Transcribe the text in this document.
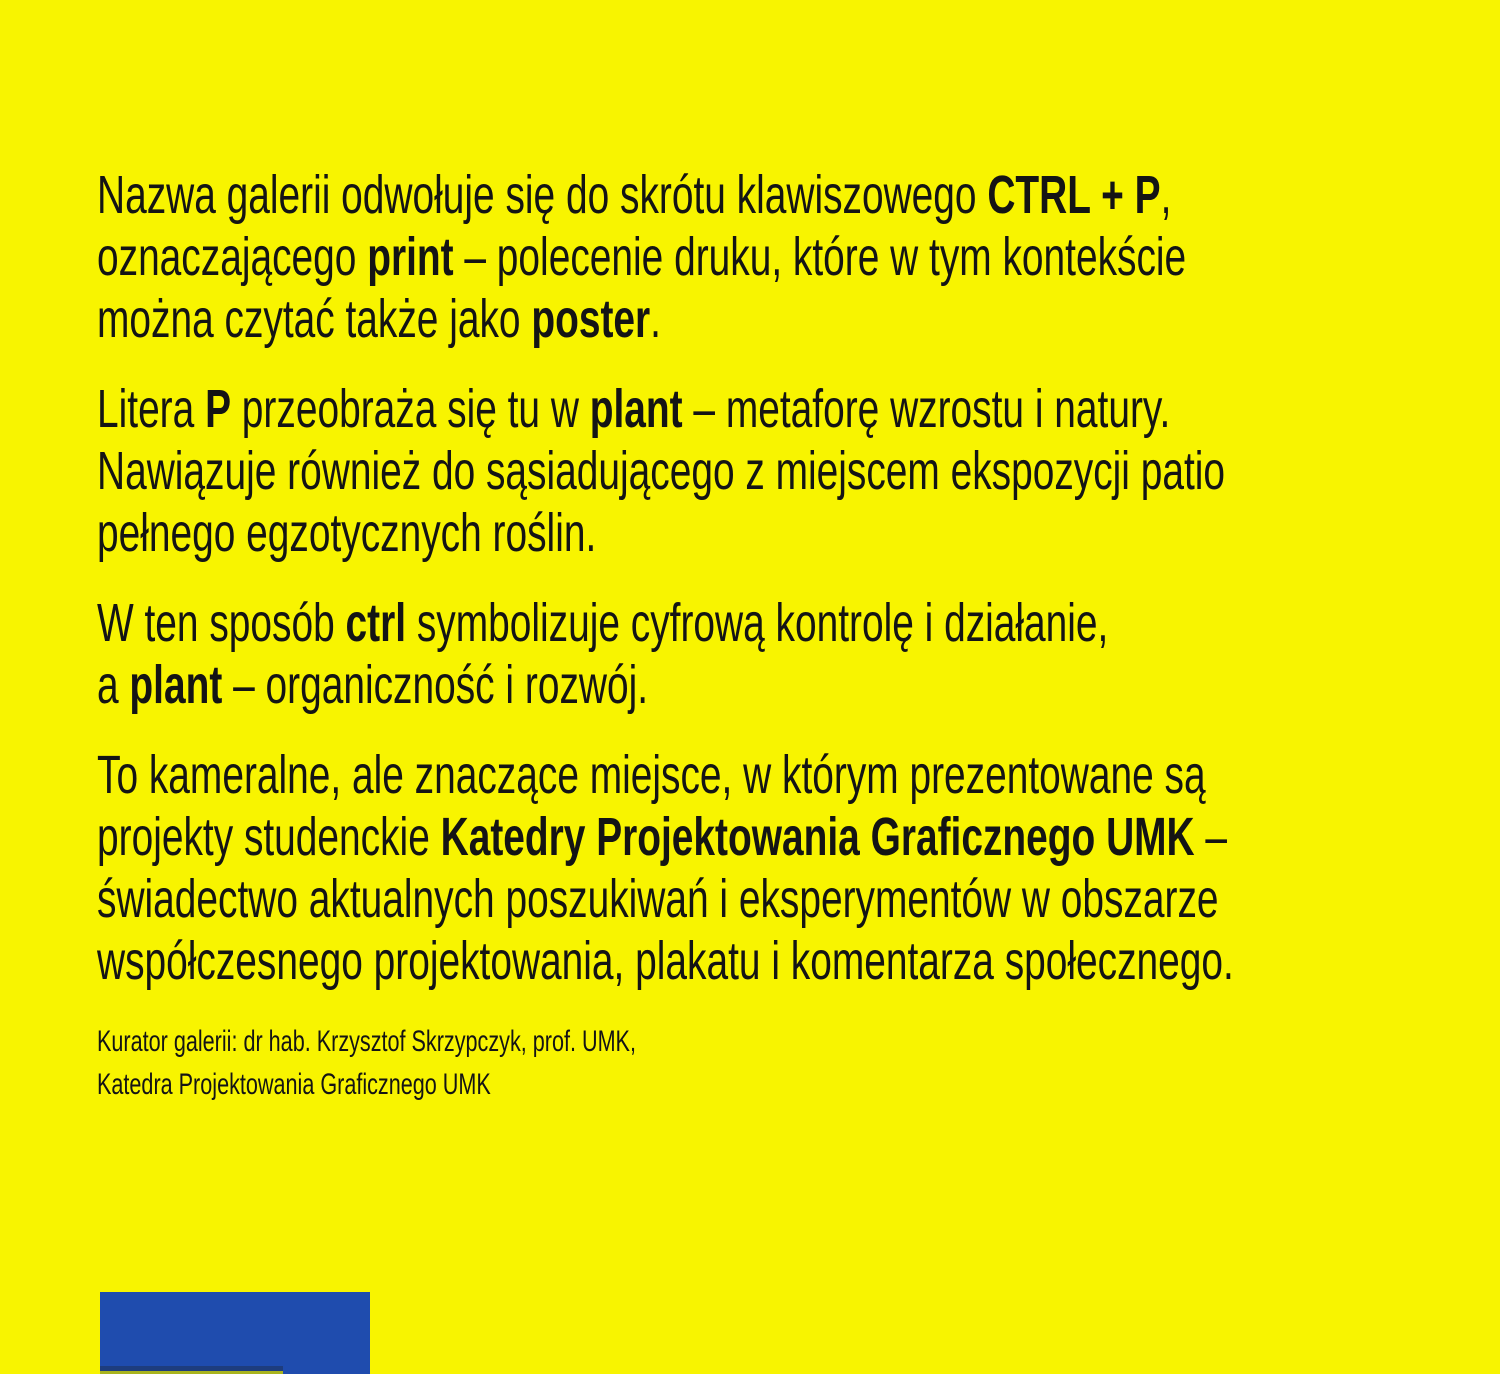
Nazwa galerii odwołuje się do skrótu klawiszowego CTRL + P,
oznaczającego print – polecenie druku, które w tym kontekście
można czytać także jako poster.
Litera P przeobraża się tu w plant – metaforę wzrostu i natury.
Nawiązuje również do sąsiadującego z miejscem ekspozycji patio
pełnego egzotycznych roślin.
W ten sposób ctrl symbolizuje cyfrową kontrolę i działanie,
a plant – organiczność i rozwój.
To kameralne, ale znaczące miejsce, w którym prezentowane są
projekty studenckie Katedry Projektowania Graficznego UMK –
świadectwo aktualnych poszukiwań i eksperymentów w obszarze
współczesnego projektowania, plakatu i komentarza społecznego.
Kurator galerii: dr hab. Krzysztof Skrzypczyk, prof. UMK,
Katedra Projektowania Graficznego UMK
